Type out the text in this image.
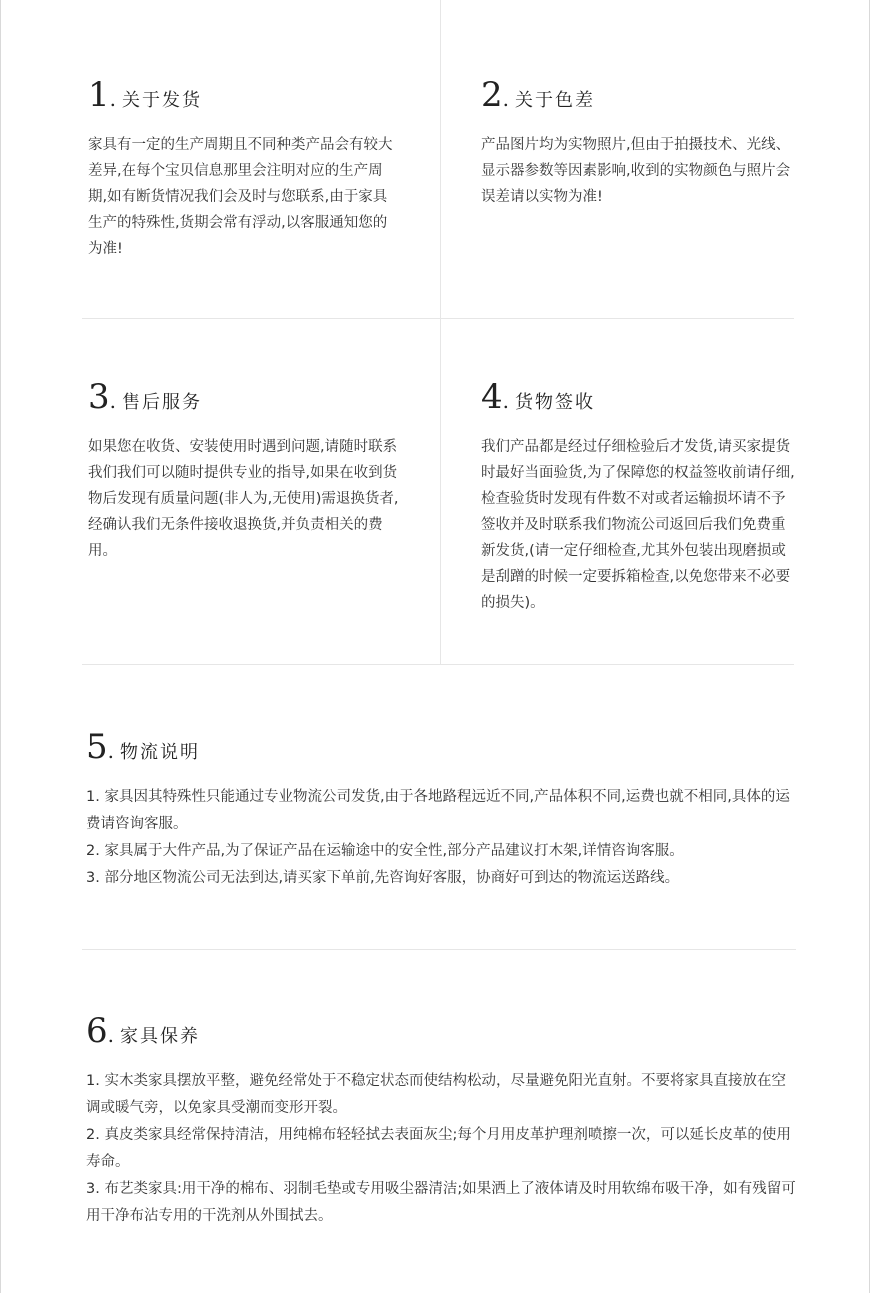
1 . 关于发货
家具有一定的生产周期且不同种类产品会有较大差异,在每个宝贝信息那里会注明对应的生产周期,如有断货情况我们会及时与您联系,由于家具生产的特殊性,货期会常有浮动,以客服通知您的为准!
2 . 关于色差
产品图片均为实物照片,但由于拍摄技术、光线、显示器参数等因素影响,收到的实物颜色与照片会误差请以实物为准!
3 . 售后服务
如果您在收货、安装使用时遇到问题,请随时联系我们我们可以随时提供专业的指导,如果在收到货物后发现有质量问题(非人为,无使用)需退换货者,经确认我们无条件接收退换货,并负责相关的费用。
4 . 货物签收
我们产品都是经过仔细检验后才发货,请买家提货时最好当面验货,为了保障您的权益签收前请仔细,检查验货时发现有件数不对或者运输损坏请不予签收并及时联系我们物流公司返回后我们免费重新发货,(请一定仔细检查,尤其外包装出现磨损或是刮蹭的时候一定要拆箱检查,以免您带来不必要的损失)。
5 . 物流说明

1. 家具因其特殊性只能通过专业物流公司发货,由于各地路程远近不同,产品体积不同,运费也就不相同,具体的运费请咨询客服。

2. 家具属于大件产品,为了保证产品在运输途中的安全性,部分产品建议打木架,详情咨询客服。

3. 部分地区物流公司无法到达,请买家下单前,先咨询好客服，协商好可到达的物流运送路线。

6 . 家具保养

1. 实木类家具摆放平整，避免经常处于不稳定状态而使结构松动，尽量避免阳光直射。不要将家具直接放在空调或暖气旁，以免家具受潮而变形开裂。

2. 真皮类家具经常保持清洁，用纯棉布轻轻拭去表面灰尘;每个月用皮革护理剂喷擦一次，可以延长皮革的使用寿命。

3. 布艺类家具:用干净的棉布、羽制毛垫或专用吸尘器清洁;如果洒上了液体请及时用软绵布吸干净，如有残留可用干净布沾专用的干洗剂从外围拭去。
